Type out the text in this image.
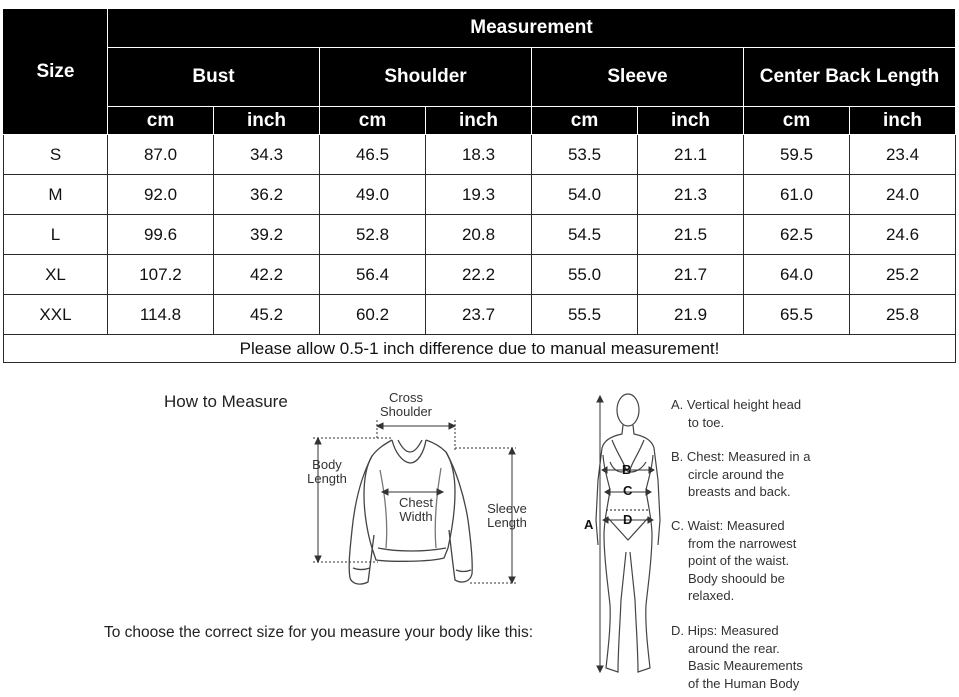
Size	Measurement							
	Bust		Shoulder		Sleeve		Center Back Length	
	cm	inch	cm	inch	cm	inch	cm	inch
S	87.0	34.3	46.5	18.3	53.5	21.1	59.5	23.4
M	92.0	36.2	49.0	19.3	54.0	21.3	61.0	24.0
L	99.6	39.2	52.8	20.8	54.5	21.5	62.5	24.6
XL	107.2	42.2	56.4	22.2	55.0	21.7	64.0	25.2
XXL	114.8	45.2	60.2	23.7	55.5	21.9	65.5	25.8
Please allow 0.5-1 inch difference due to manual measurement!								
How to Measure	Cross
Shoulder
Body
Length
Chest
Width
Sleeve
Length
B
C
D
A
To choose the correct size for you measure your body like this:
A. Vertical height head
to toe.
B. Chest: Measured in a
circle around the
breasts and back.
C. Waist: Measured
from the narrowest
point of the waist.
Body shoould be
relaxed.
D. Hips: Measured
around the rear.
Basic Meaurements
of the Human Body
